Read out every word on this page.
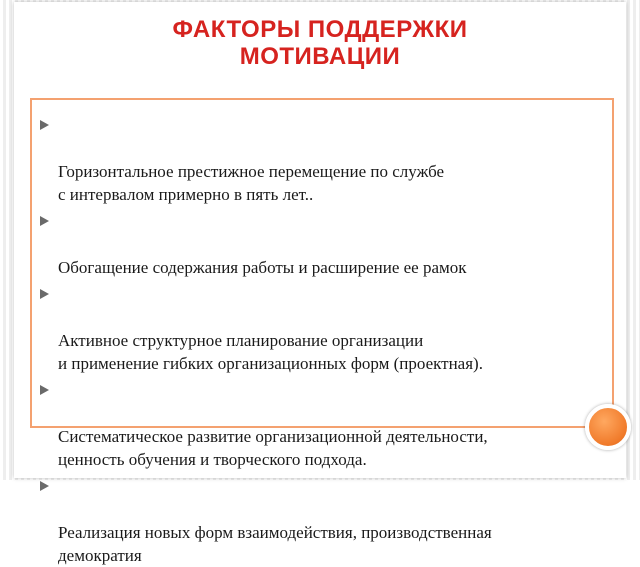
ФАКТОРЫ ПОДДЕРЖКИ
МОТИВАЦИИ

Горизонтальное престижное перемещение по службе
с интервалом примерно в пять лет..

Обогащение содержания работы и расширение ее рамок

Активное структурное планирование организации
и применение гибких организационных форм (проектная).

Систематическое развитие организационной деятельности,
ценность обучения и творческого подхода.

Реализация новых форм взаимодействия, производственная
демократия
